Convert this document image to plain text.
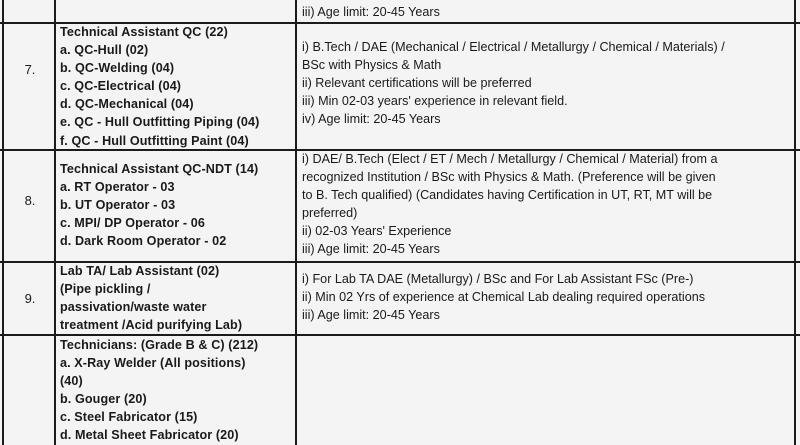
iii) Age limit: 20-45 Years
7.
Technical Assistant QC (22)
a. QC-Hull (02)
b. QC-Welding (04)
c. QC-Electrical (04)
d. QC-Mechanical (04)
e. QC - Hull Outfitting Piping (04)
f. QC - Hull Outfitting Paint (04)
i) B.Tech / DAE (Mechanical / Electrical / Metallurgy / Chemical / Materials) /
BSc with Physics & Math
ii) Relevant certifications will be preferred
iii) Min 02-03 years' experience in relevant field.
iv) Age limit: 20-45 Years
8.
Technical Assistant QC-NDT (14)
a. RT Operator - 03
b. UT Operator - 03
c. MPI/ DP Operator - 06
d. Dark Room Operator - 02
i) DAE/ B.Tech (Elect / ET / Mech / Metallurgy / Chemical / Material) from a
recognized Institution / BSc with Physics & Math. (Preference will be given
to B. Tech qualified) (Candidates having Certification in UT, RT, MT will be
preferred)
ii) 02-03 Years' Experience
iii) Age limit: 20-45 Years
9.
Lab TA/ Lab Assistant (02)
(Pipe pickling /
passivation/waste water
treatment /Acid purifying Lab)
i) For Lab TA DAE (Metallurgy) / BSc and For Lab Assistant FSc (Pre-)
ii) Min 02 Yrs of experience at Chemical Lab dealing required operations
iii) Age limit: 20-45 Years
Technicians: (Grade B & C) (212)
a. X-Ray Welder (All positions)
(40)
b. Gouger (20)
c. Steel Fabricator (15)
d. Metal Sheet Fabricator (20)
